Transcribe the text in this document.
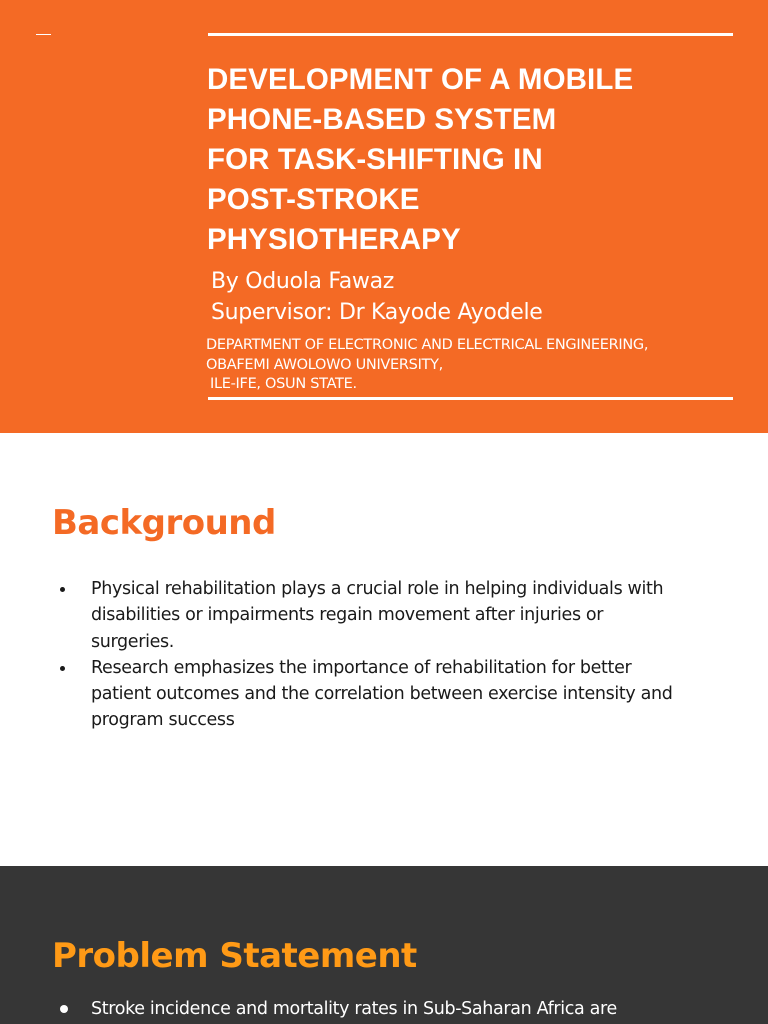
DEVELOPMENT OF A MOBILE
PHONE-BASED SYSTEM
FOR TASK-SHIFTING IN
POST-STROKE
PHYSIOTHERAPY

By Oduola Fawaz

Supervisor: Dr Kayode Ayodele

DEPARTMENT OF ELECTRONIC AND ELECTRICAL ENGINEERING,
OBAFEMI AWOLOWO UNIVERSITY,
ILE-IFE, OSUN STATE.

Background
Physical rehabilitation plays a crucial role in helping individuals with disabilities or impairments regain movement after injuries or surgeries.
Research emphasizes the importance of rehabilitation for better patient outcomes and the correlation between exercise intensity and program success
Problem Statement
Stroke incidence and mortality rates in Sub-Saharan Africa are
